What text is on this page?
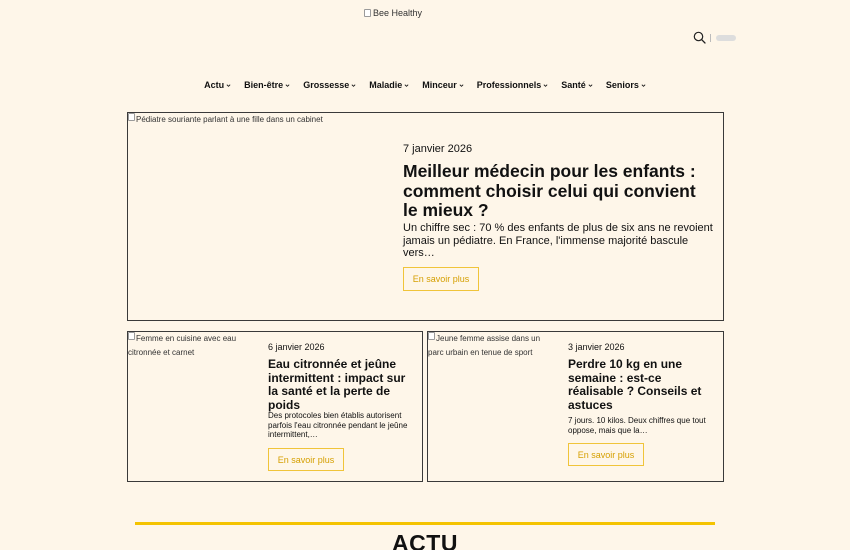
Bee Healthy
Actu Bien-être Grossesse Maladie Minceur Professionnels Santé Seniors
Pédiatre souriante parlant à une fille dans un cabinet
7 janvier 2026
Meilleur médecin pour les enfants : comment choisir celui qui convient le mieux ?
Un chiffre sec : 70 % des enfants de plus de six ans ne revoient jamais un pédiatre. En France, l'immense majorité bascule vers…
En savoir plus
Femme en cuisine avec eau citronnée et carnet
6 janvier 2026
Eau citronnée et jeûne intermittent : impact sur la santé et la perte de poids
Des protocoles bien établis autorisent parfois l'eau citronnée pendant le jeûne intermittent,…
En savoir plus
Jeune femme assise dans un parc urbain en tenue de sport
3 janvier 2026
Perdre 10 kg en une semaine : est-ce réalisable ? Conseils et astuces
7 jours. 10 kilos. Deux chiffres que tout oppose, mais que la…
En savoir plus
ACTU
